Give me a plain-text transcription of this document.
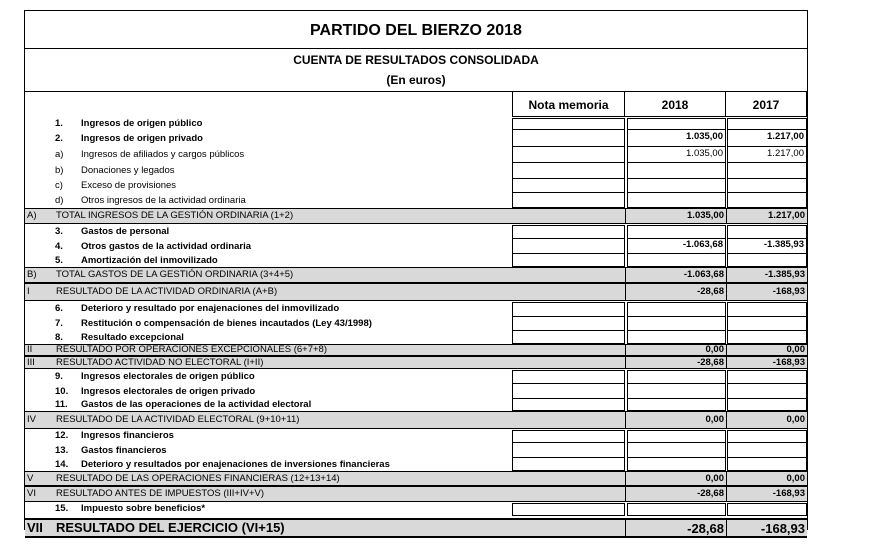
PARTIDO DEL BIERZO 2018
CUENTA DE RESULTADOS CONSOLIDADA
(En euros)
Nota memoria	2018	2017
1.	Ingresos de origen público
2.	Ingresos de origen privado	1.035,00	1.217,00
a)	Ingresos de afiliados y cargos públicos	1.035,00	1.217,00
b)	Donaciones y legados
c)	Exceso de provisiones
d)	Otros ingresos de la actividad ordinaria
A) TOTAL INGRESOS DE LA GESTIÓN ORDINARIA (1+2)	1.035,00	1.217,00
3.	Gastos de personal
4.	Otros gastos de la actividad ordinaria	-1.063,68	-1.385,93
5.	Amortización del inmovilizado
B) TOTAL GASTOS DE LA GESTIÓN ORDINARIA (3+4+5)	-1.063,68	-1.385,93
I	RESULTADO DE LA ACTIVIDAD ORDINARIA (A+B)	-28,68	-168,93
6.	Deterioro y resultado por enajenaciones del inmovilizado
7.	Restitución o compensación de bienes incautados (Ley 43/1998)
8.	Resultado excepcional
II RESULTADO POR OPERACIONES EXCEPCIONALES (6+7+8)	0,00	0,00
III RESULTADO ACTIVIDAD NO ELECTORAL (I+II)	-28,68	-168,93
9.	Ingresos electorales de origen público
10.	Ingresos electorales de origen privado
11.	Gastos de las operaciones de la actividad electoral
IV RESULTADO DE LA ACTIVIDAD ELECTORAL (9+10+11)	0,00	0,00
12.	Ingresos financieros
13.	Gastos financieros
14.	Deterioro y resultados por enajenaciones de inversiones financieras
V RESULTADO DE LAS OPERACIONES FINANCIERAS (12+13+14)	0,00	0,00
VI RESULTADO ANTES DE IMPUESTOS (III+IV+V)	-28,68	-168,93
15.	Impuesto sobre beneficios*
VII RESULTADO DEL EJERCICIO (VI+15)	-28,68	-168,93
